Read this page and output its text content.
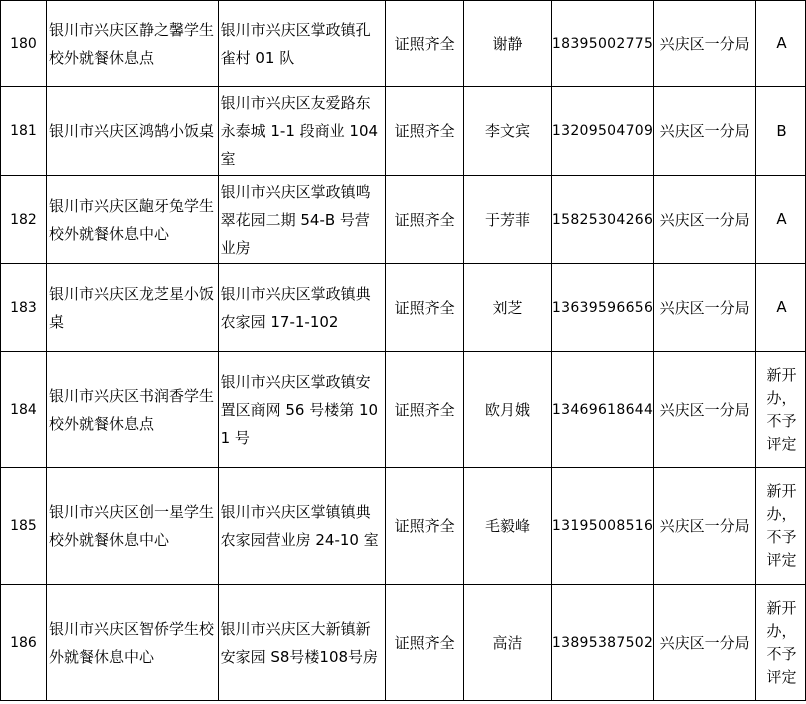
180	银川市兴庆区静之馨学生校外就餐休息点	银川市兴庆区掌政镇孔雀村 01 队	证照齐全	谢静	18395002775	兴庆区一分局	A
181	银川市兴庆区鸿鹄小饭桌	银川市兴庆区友爱路东永泰城 1-1 段商业 104 室	证照齐全	李文宾	13209504709	兴庆区一分局	B
182	银川市兴庆区龅牙兔学生校外就餐休息中心	银川市兴庆区掌政镇鸣翠花园二期 54-B 号营业房	证照齐全	于芳菲	15825304266	兴庆区一分局	A
183	银川市兴庆区龙芝星小饭桌	银川市兴庆区掌政镇典农家园 17-1-102	证照齐全	刘芝	13639596656	兴庆区一分局	A
184	银川市兴庆区书润香学生校外就餐休息点	银川市兴庆区掌政镇安置区商网 56 号楼第 101 号	证照齐全	欧月娥	13469618644	兴庆区一分局	新开办，不予评定
185	银川市兴庆区创一星学生校外就餐休息中心	银川市兴庆区掌镇镇典农家园营业房 24-10 室	证照齐全	毛毅峰	13195008516	兴庆区一分局	新开办，不予评定
186	银川市兴庆区智侨学生校外就餐休息中心	银川市兴庆区大新镇新安家园 S8号楼108号房	证照齐全	高洁	13895387502	兴庆区一分局	新开办，不予评定
